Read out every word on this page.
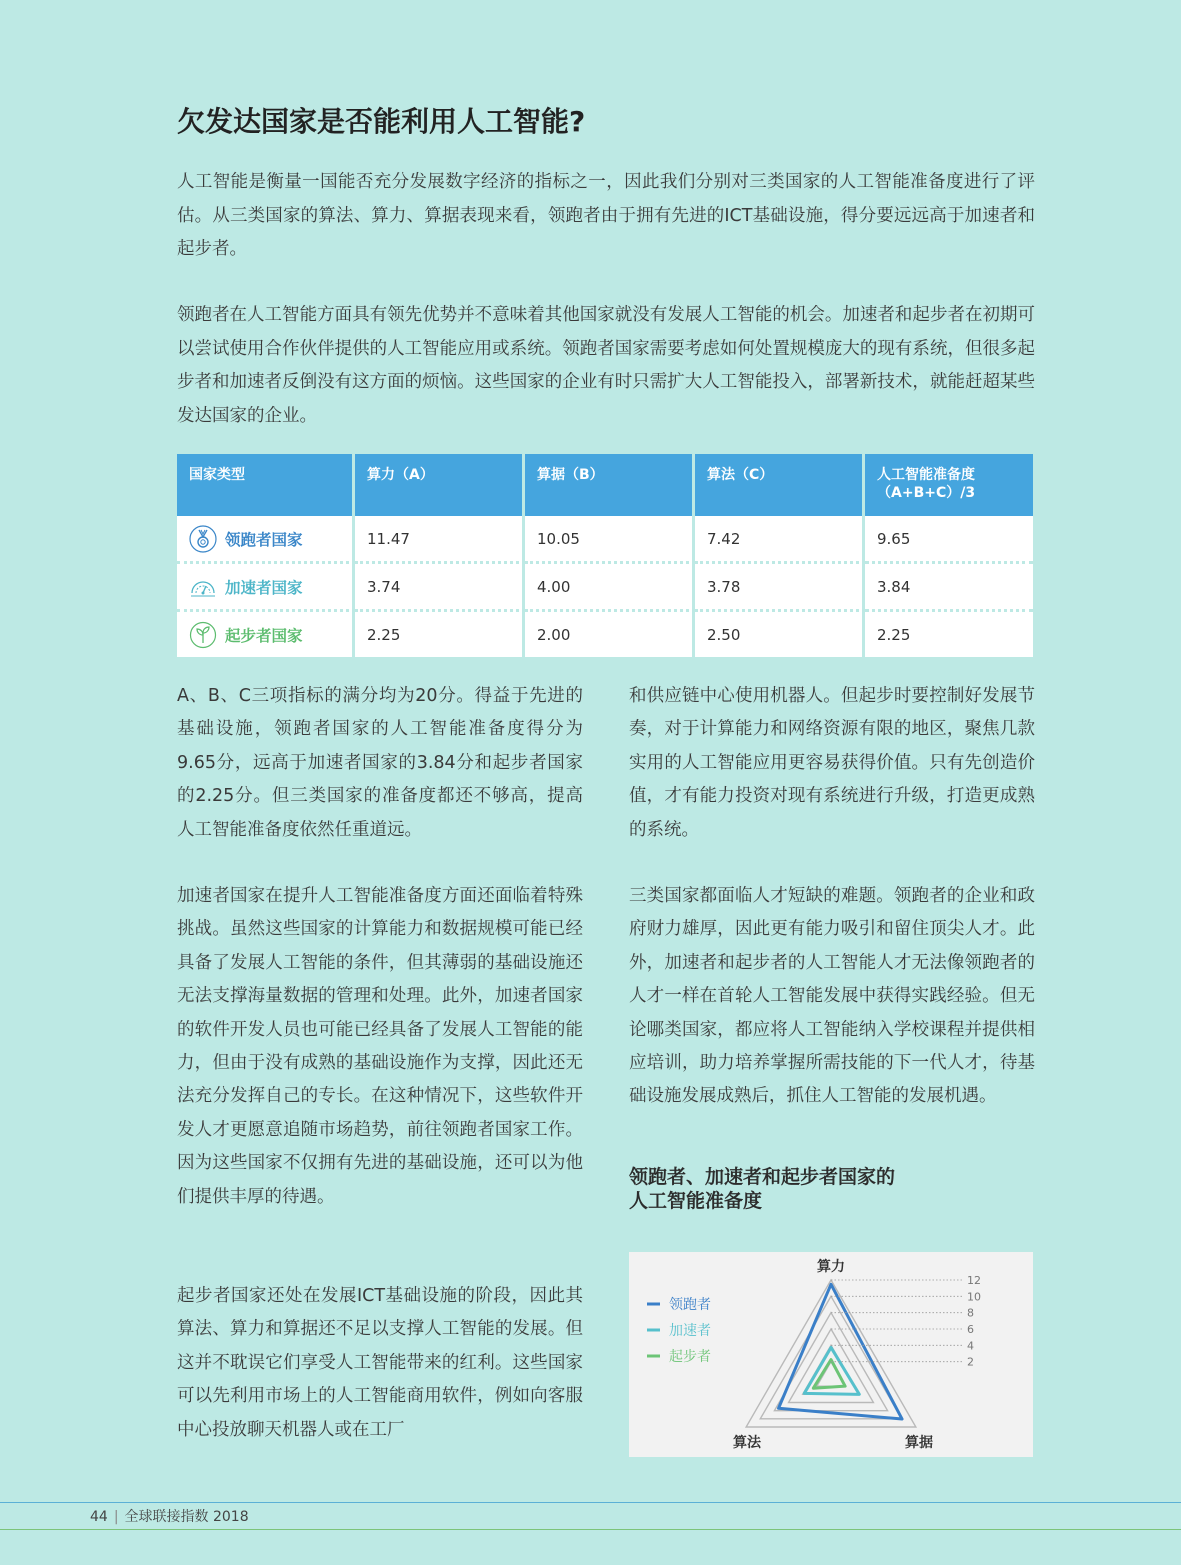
欠发达国家是否能利用人工智能?

人工智能是衡量一国能否充分发展数字经济的指标之一，因此我们分别对三类国家的人工智能准备度进行了评估。从三类国家的算法、算力、算据表现来看，领跑者由于拥有先进的ICT基础设施，得分要远远高于加速者和起步者。

领跑者在人工智能方面具有领先优势并不意味着其他国家就没有发展人工智能的机会。加速者和起步者在初期可以尝试使用合作伙伴提供的人工智能应用或系统。领跑者国家需要考虑如何处置规模庞大的现有系统，但很多起步者和加速者反倒没有这方面的烦恼。这些国家的企业有时只需扩大人工智能投入，部署新技术，就能赶超某些发达国家的企业。

国家类型	算力（A）	算据（B）	算法（C）	人工智能准备度
（A+B+C）/3

领跑者国家	11.47	10.05	7.42	9.65

加速者国家	3.74	4.00	3.78	3.84

起步者国家	2.25	2.00	2.50	2.25

A、B、C三项指标的满分均为20分。得益于先进的基础设施，领跑者国家的人工智能准备度得分为9.65分，远高于加速者国家的3.84分和起步者国家的2.25分。但三类国家的准备度都还不够高，提高人工智能准备度依然任重道远。

加速者国家在提升人工智能准备度方面还面临着特殊挑战。虽然这些国家的计算能力和数据规模可能已经具备了发展人工智能的条件，但其薄弱的基础设施还无法支撑海量数据的管理和处理。此外，加速者国家的软件开发人员也可能已经具备了发展人工智能的能力，但由于没有成熟的基础设施作为支撑，因此还无法充分发挥自己的专长。在这种情况下，这些软件开发人才更愿意追随市场趋势，前往领跑者国家工作。因为这些国家不仅拥有先进的基础设施，还可以为他们提供丰厚的待遇。

起步者国家还处在发展ICT基础设施的阶段，因此其算法、算力和算据还不足以支撑人工智能的发展。但这并不耽误它们享受人工智能带来的红利。这些国家可以先利用市场上的人工智能商用软件，例如向客服中心投放聊天机器人或在工厂

和供应链中心使用机器人。但起步时要控制好发展节奏，对于计算能力和网络资源有限的地区，聚焦几款实用的人工智能应用更容易获得价值。只有先创造价值，才有能力投资对现有系统进行升级，打造更成熟的系统。

三类国家都面临人才短缺的难题。领跑者的企业和政府财力雄厚，因此更有能力吸引和留住顶尖人才。此外，加速者和起步者的人工智能人才无法像领跑者的人才一样在首轮人工智能发展中获得实践经验。但无论哪类国家，都应将人工智能纳入学校课程并提供相应培训，助力培养掌握所需技能的下一代人才，待基础设施发展成熟后，抓住人工智能的发展机遇。

领跑者、加速者和起步者国家的
人工智能准备度
12
10
8
6
4
2
算力
算据
算法
领跑者
加速者
起步者
44 | 全球联接指数 2018
